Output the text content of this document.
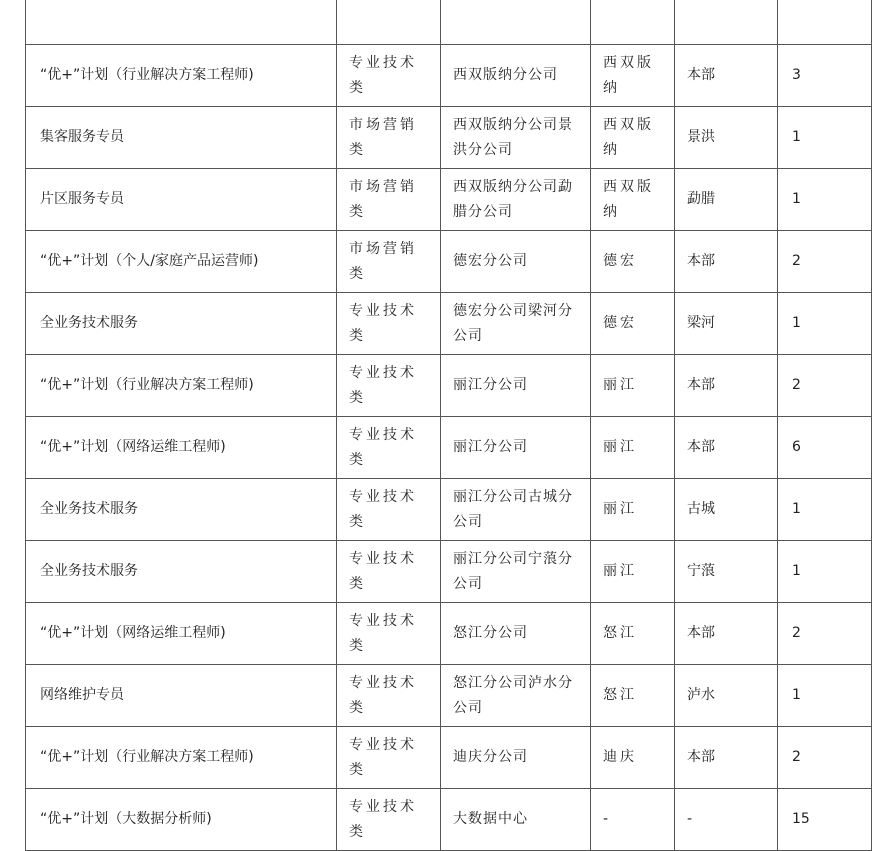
“优+”计划（行业解决方案工程师)	专业技术类	西双版纳分公司	西双版纳	本部	3

集客服务专员	市场营销类	西双版纳分公司景洪分公司	西双版纳	景洪	1

片区服务专员	市场营销类	西双版纳分公司勐腊分公司	西双版纳	勐腊	1

“优+”计划（个人/家庭产品运营师)	市场营销类	德宏分公司	德宏	本部	2

全业务技术服务	专业技术类	德宏分公司梁河分公司	德宏	梁河	1

“优+”计划（行业解决方案工程师)	专业技术类	丽江分公司	丽江	本部	2

“优+”计划（网络运维工程师)	专业技术类	丽江分公司	丽江	本部	6

全业务技术服务	专业技术类	丽江分公司古城分公司	丽江	古城	1

全业务技术服务	专业技术类	丽江分公司宁蒗分公司	丽江	宁蒗	1

“优+”计划（网络运维工程师)	专业技术类	怒江分公司	怒江	本部	2

网络维护专员	专业技术类	怒江分公司泸水分公司	怒江	泸水	1

“优+”计划（行业解决方案工程师)	专业技术类	迪庆分公司	迪庆	本部	2

“优+”计划（大数据分析师)	专业技术类	大数据中心	-	-	15
